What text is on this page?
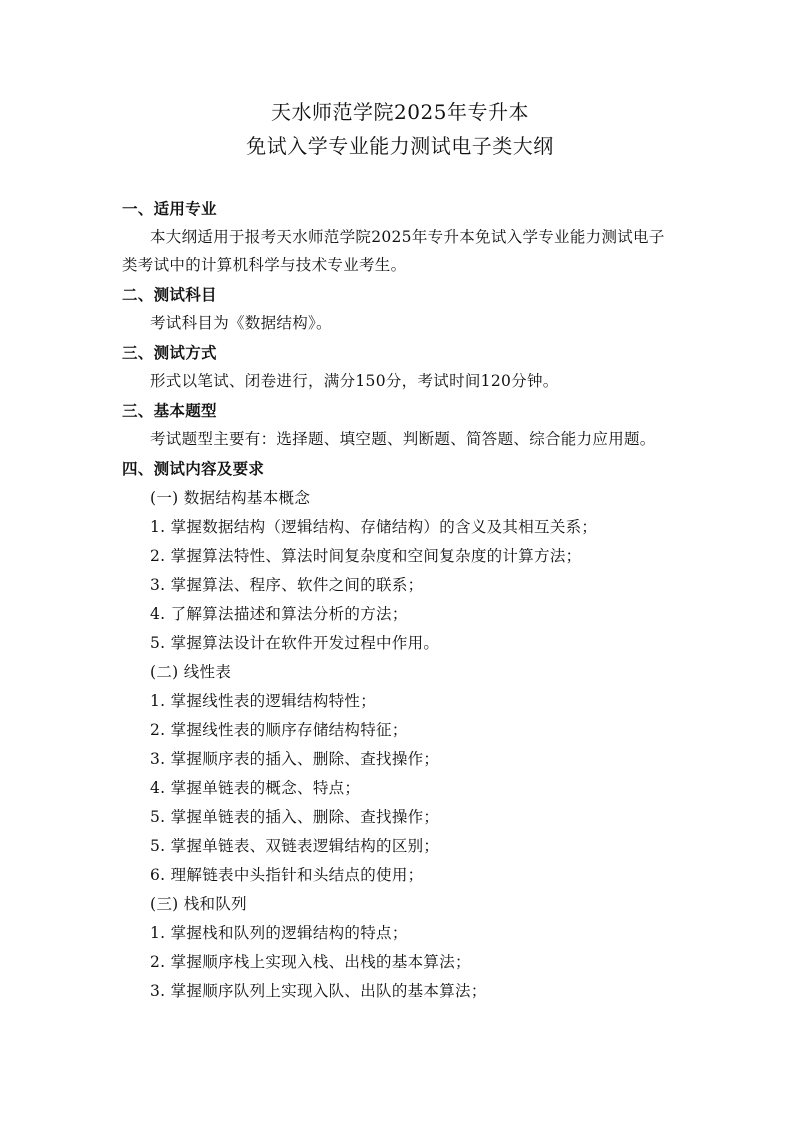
天水师范学院2025年专升本
免试入学专业能力测试电子类大纲
一、适用专业
本大纲适用于报考天水师范学院2025年专升本免试入学专业能力测试电子
类考试中的计算机科学与技术专业考生。
二、测试科目
考试科目为《数据结构》。
三、测试方式
形式以笔试、闭卷进行，满分150分，考试时间120分钟。
三、基本题型
考试题型主要有：选择题、填空题、判断题、简答题、综合能力应用题。
四、测试内容及要求
(一) 数据结构基本概念
1. 掌握数据结构（逻辑结构、存储结构）的含义及其相互关系；
2. 掌握算法特性、算法时间复杂度和空间复杂度的计算方法；
3. 掌握算法、程序、软件之间的联系；
4. 了解算法描述和算法分析的方法；
5. 掌握算法设计在软件开发过程中作用。
(二) 线性表
1. 掌握线性表的逻辑结构特性；
2. 掌握线性表的顺序存储结构特征；
3. 掌握顺序表的插入、删除、查找操作；
4. 掌握单链表的概念、特点；
5. 掌握单链表的插入、删除、查找操作；
5. 掌握单链表、双链表逻辑结构的区别；
6. 理解链表中头指针和头结点的使用；
(三) 栈和队列
1. 掌握栈和队列的逻辑结构的特点；
2. 掌握顺序栈上实现入栈、出栈的基本算法；
3. 掌握顺序队列上实现入队、出队的基本算法；
